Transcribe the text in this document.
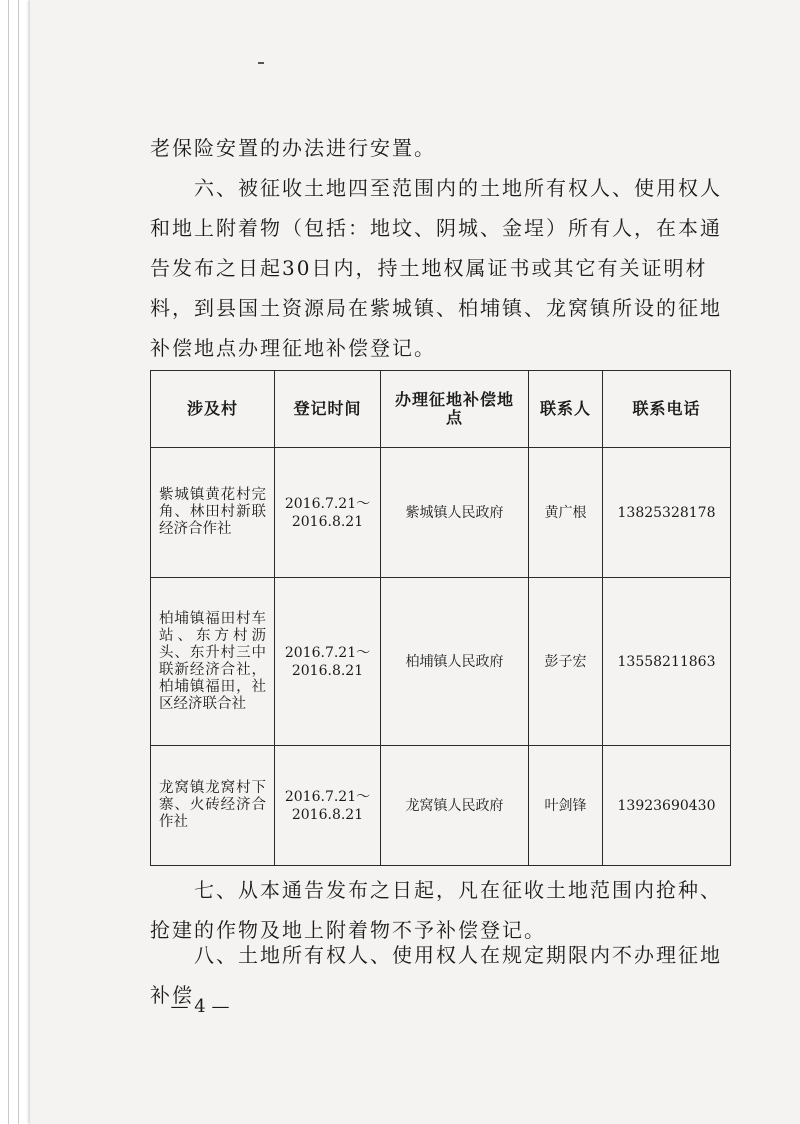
老保险安置的办法进行安置。

六、被征收土地四至范围内的土地所有权人、使用权人和地上附着物（包括：地坟、阴城、金埕）所有人，在本通告发布之日起30日内，持土地权属证书或其它有关证明材料，到县国土资源局在紫城镇、柏埔镇、龙窝镇所设的征地补偿地点办理征地补偿登记。

涉及村	登记时间	办理征地补偿地点	联系人	联系电话
紫城镇黄花村完角、林田村新联经济合作社	2016.7.21～2016.8.21	紫城镇人民政府	黄广根	13825328178
柏埔镇福田村车站、东方村沥头、东升村三中联新经济合社，柏埔镇福田，社区经济联合社	2016.7.21～2016.8.21	柏埔镇人民政府	彭子宏	13558211863
龙窝镇龙窝村下寨、火砖经济合作社	2016.7.21～2016.8.21	龙窝镇人民政府	叶剑锋	13923690430

七、从本通告发布之日起，凡在征收土地范围内抢种、抢建的作物及地上附着物不予补偿登记。

八、土地所有权人、使用权人在规定期限内不办理征地补偿

— 4 —
